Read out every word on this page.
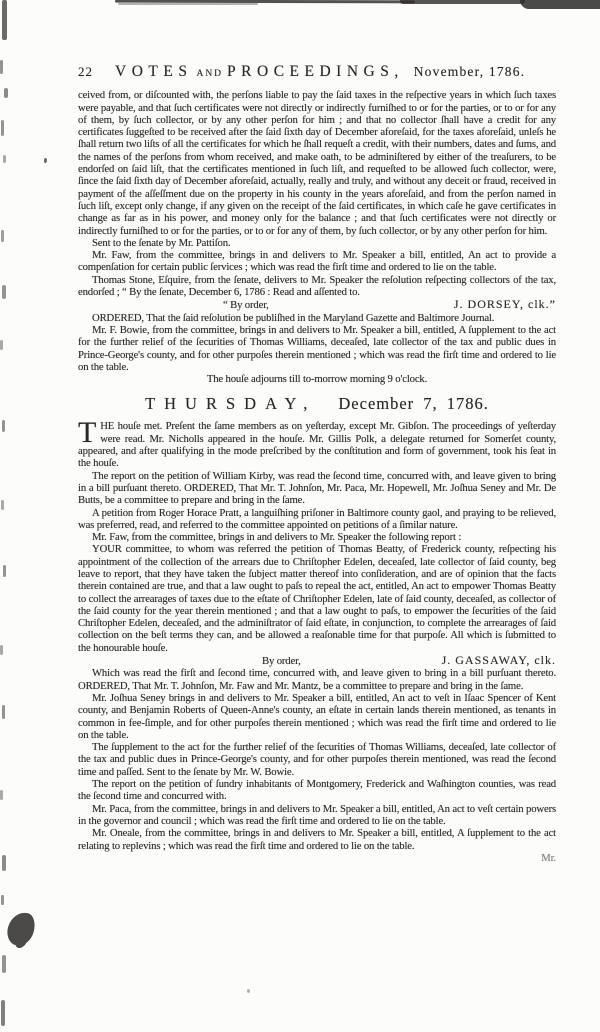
22 VOTES AND PROCEEDINGS, November, 1786.

ceived from, or diſcounted with, the perſons liable to pay the ſaid taxes in the reſpective years in which ſuch taxes were payable, and that ſuch certificates were not directly or indirectly furniſhed to or for the parties, or to or for any of them, by ſuch collector, or by any other perſon for him ; and that no collector ſhall have a credit for any certificates ſuggeſted to be received after the ſaid ſixth day of December aforeſaid, for the taxes aforeſaid, unleſs he ſhall return two liſts of all the certificates for which he ſhall requeſt a credit, with their numbers, dates and ſums, and the names of the perſons from whom received, and make oath, to be adminiſtered by either of the treaſurers, to be endorſed on ſaid liſt, that the certificates mentioned in ſuch liſt, and requeſted to be allowed ſuch collector, were, ſince the ſaid ſixth day of December aforeſaid, actually, really and truly, and without any deceit or fraud, received in payment of the aſſeſſment due on the property in his county in the years aforeſaid, and from the perſon named in ſuch liſt, except only change, if any given on the receipt of the ſaid certificates, in which caſe he gave certificates in change as far as in his power, and money only for the balance ; and that ſuch certificates were not directly or indirectly furniſhed to or for the parties, or to or for any of them, by ſuch collector, or by any other perſon for him.

Sent to the ſenate by Mr. Pattiſon.

Mr. Faw, from the committee, brings in and delivers to Mr. Speaker a bill, entitled, An act to provide a compenſation for certain public ſervices ; which was read the firſt time and ordered to lie on the table.

Thomas Stone, Eſquire, from the ſenate, delivers to Mr. Speaker the reſolution reſpecting collectors of the tax, endorſed ; “ By the ſenate, December 6, 1786 : Read and aſſented to.

“ By order,	J. DORSEY, clk.”

ORDERED, That the ſaid reſolution be publiſhed in the Maryland Gazette and Baltimore Journal.

Mr. F. Bowie, from the committee, brings in and delivers to Mr. Speaker a bill, entitled, A ſupplement to the act for the further relief of the ſecurities of Thomas Williams, deceaſed, late collector of the tax and public dues in Prince-George's county, and for other purpoſes therein mentioned ; which was read the firſt time and ordered to lie on the table.

The houſe adjourns till to-morrow morning 9 o'clock.

THURSDAY, December 7, 1786.

THE houſe met. Preſent the ſame members as on yeſterday, except Mr. Gibſon. The proceedings of yeſterday were read. Mr. Nicholls appeared in the houſe. Mr. Gillis Polk, a delegate returned for Somerſet county, appeared, and after qualifying in the mode preſcribed by the conſtitution and form of government, took his ſeat in the houſe.

The report on the petition of William Kirby, was read the ſecond time, concurred with, and leave given to bring in a bill purſuant thereto. ORDERED, That Mr. T. Johnſon, Mr. Paca, Mr. Hopewell, Mr. Joſhua Seney and Mr. De Butts, be a committee to prepare and bring in the ſame.

A petition from Roger Horace Pratt, a languiſhing priſoner in Baltimore county gaol, and praying to be relieved, was preferred, read, and referred to the committee appointed on petitions of a ſimilar nature.

Mr. Faw, from the committee, brings in and delivers to Mr. Speaker the following report :

YOUR committee, to whom was referred the petition of Thomas Beatty, of Frederick county, reſpecting his appointment of the collection of the arrears due to Chriſtopher Edelen, deceaſed, late collector of ſaid county, beg leave to report, that they have taken the ſubject matter thereof into conſideration, and are of opinion that the facts therein contained are true, and that a law ought to paſs to repeal the act, entitled, An act to empower Thomas Beatty to collect the arrearages of taxes due to the eſtate of Chriſtopher Edelen, late of ſaid county, deceaſed, as collector of the ſaid county for the year therein mentioned ; and that a law ought to paſs, to empower the ſecurities of the ſaid Chriſtopher Edelen, deceaſed, and the adminiſtrator of ſaid eſtate, in conjunction, to complete the arrearages of ſaid collection on the beſt terms they can, and be allowed a reaſonable time for that purpoſe. All which is ſubmitted to the honourable houſe.

By order,	J. GASSAWAY, clk.

Which was read the firſt and ſecond time, concurred with, and leave given to bring in a bill purſuant thereto. ORDERED, That Mr. T. Johnſon, Mr. Faw and Mr. Mantz, be a committee to prepare and bring in the ſame.

Mr. Joſhua Seney brings in and delivers to Mr. Speaker a bill, entitled, An act to veſt in Iſaac Spencer of Kent county, and Benjamin Roberts of Queen-Anne's county, an eſtate in certain lands therein mentioned, as tenants in common in fee-ſimple, and for other purpoſes therein mentioned ; which was read the firſt time and ordered to lie on the table.

The ſupplement to the act for the further relief of the ſecurities of Thomas Williams, deceaſed, late collector of the tax and public dues in Prince-George's county, and for other purpoſes therein mentioned, was read the ſecond time and paſſed. Sent to the ſenate by Mr. W. Bowie.

The report on the petition of ſundry inhabitants of Montgomery, Frederick and Waſhington counties, was read the ſecond time and concurred with.

Mr. Paca, from the committee, brings in and delivers to Mr. Speaker a bill, entitled, An act to veſt certain powers in the governor and council ; which was read the firſt time and ordered to lie on the table.

Mr. Oneale, from the committee, brings in and delivers to Mr. Speaker a bill, entitled, A ſupplement to the act relating to replevins ; which was read the firſt time and ordered to lie on the table.

Mr.
